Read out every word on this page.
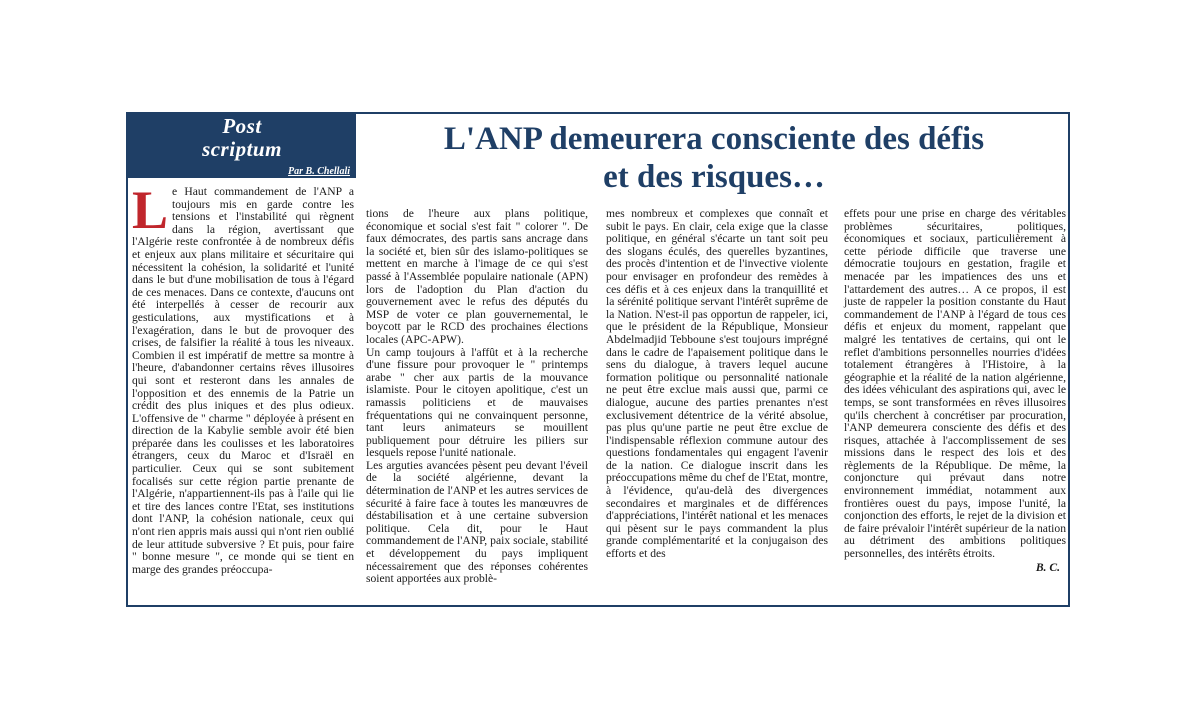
Post
scriptum
Par B. Chellali
L'ANP demeurera consciente des défis
et des risques…

L e Haut commandement de l'ANP a toujours mis en garde contre les tensions et l'instabilité qui règnent dans la région, avertissant que l'Algérie reste confrontée à de nombreux défis et enjeux aux plans militaire et sécuritaire qui nécessitent la cohésion, la solidarité et l'unité dans le but d'une mobilisation de tous à l'égard de ces menaces. Dans ce contexte, d'aucuns ont été interpellés à cesser de recourir aux gesticulations, aux mystifications et à l'exagération, dans le but de provoquer des crises, de falsifier la réalité à tous les niveaux. Combien il est impératif de mettre sa montre à l'heure, d'abandonner certains rêves illusoires qui sont et resteront dans les annales de l'opposition et des ennemis de la Patrie un crédit des plus iniques et des plus odieux. L'offensive de " charme " déployée à présent en direction de la Kabylie semble avoir été bien préparée dans les coulisses et les laboratoires étrangers, ceux du Maroc et d'Israël en particulier. Ceux qui se sont subitement focalisés sur cette région partie prenante de l'Algérie, n'appartiennent-ils pas à l'aile qui lie et tire des lances contre l'Etat, ses institutions dont l'ANP, la cohésion nationale, ceux qui n'ont rien appris mais aussi qui n'ont rien oublié de leur attitude subversive ? Et puis, pour faire " bonne mesure ", ce monde qui se tient en marge des grandes préoccupa-

tions de l'heure aux plans politique, économique et social s'est fait " colorer ". De faux démocrates, des partis sans ancrage dans la société et, bien sûr des islamo-politiques se mettent en marche à l'image de ce qui s'est passé à l'Assemblée populaire nationale (APN) lors de l'adoption du Plan d'action du gouvernement avec le refus des députés du MSP de voter ce plan gouvernemental, le boycott par le RCD des prochaines élections locales (APC-APW).

Un camp toujours à l'affût et à la recherche d'une fissure pour provoquer le " printemps arabe " cher aux partis de la mouvance islamiste. Pour le citoyen apolitique, c'est un ramassis politiciens et de mauvaises fréquentations qui ne convainquent personne, tant leurs animateurs se mouillent publiquement pour détruire les piliers sur lesquels repose l'unité nationale.

Les arguties avancées pèsent peu devant l'éveil de la société algérienne, devant la détermination de l'ANP et les autres services de sécurité à faire face à toutes les manœuvres de déstabilisation et à une certaine subversion politique. Cela dit, pour le Haut commandement de l'ANP, paix sociale, stabilité et développement du pays impliquent nécessairement que des réponses cohérentes soient apportées aux problè-

mes nombreux et complexes que connaît et subit le pays. En clair, cela exige que la classe politique, en général s'écarte un tant soit peu des slogans éculés, des querelles byzantines, des procès d'intention et de l'invective violente pour envisager en profondeur des remèdes à ces défis et à ces enjeux dans la tranquillité et la sérénité politique servant l'intérêt suprême de la Nation. N'est-il pas opportun de rappeler, ici, que le président de la République, Monsieur Abdelmadjid Tebboune s'est toujours imprégné dans le cadre de l'apaisement politique dans le sens du dialogue, à travers lequel aucune formation politique ou personnalité nationale ne peut être exclue mais aussi que, parmi ce dialogue, aucune des parties prenantes n'est exclusivement détentrice de la vérité absolue, pas plus qu'une partie ne peut être exclue de l'indispensable réflexion commune autour des questions fondamentales qui engagent l'avenir de la nation. Ce dialogue inscrit dans les préoccupations même du chef de l'Etat, montre, à l'évidence, qu'au-delà des divergences secondaires et marginales et de différences d'appréciations, l'intérêt national et les menaces qui pèsent sur le pays commandent la plus grande complémentarité et la conjugaison des efforts et des

effets pour une prise en charge des véritables problèmes sécuritaires, politiques, économiques et sociaux, particulièrement à cette période difficile que traverse une démocratie toujours en gestation, fragile et menacée par les impatiences des uns et l'attardement des autres… A ce propos, il est juste de rappeler la position constante du Haut commandement de l'ANP à l'égard de tous ces défis et enjeux du moment, rappelant que malgré les tentatives de certains, qui ont le reflet d'ambitions personnelles nourries d'idées totalement étrangères à l'Histoire, à la géographie et la réalité de la nation algérienne, des idées véhiculant des aspirations qui, avec le temps, se sont transformées en rêves illusoires qu'ils cherchent à concrétiser par procuration, l'ANP demeurera consciente des défis et des risques, attachée à l'accomplissement de ses missions dans le respect des lois et des règlements de la République. De même, la conjoncture qui prévaut dans notre environnement immédiat, notamment aux frontières ouest du pays, impose l'unité, la conjonction des efforts, le rejet de la division et de faire prévaloir l'intérêt supérieur de la nation au détriment des ambitions politiques personnelles, des intérêts étroits.

B. C.
